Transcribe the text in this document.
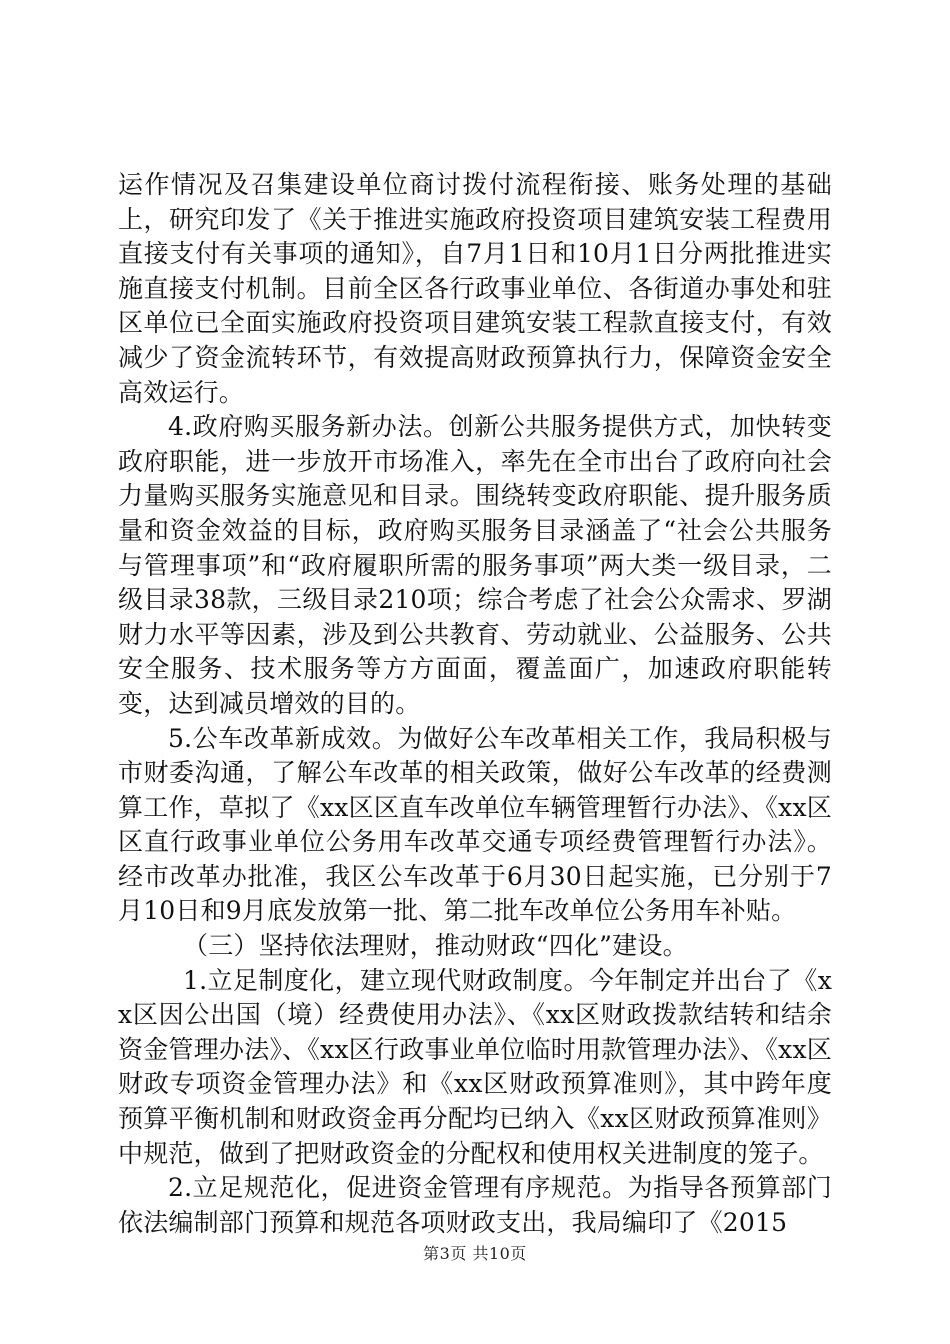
运作情况及召集建设单位商讨拨付流程衔接、账务处理的基础上，研究印发了《关于推进实施政府投资项目建筑安装工程费用直接支付有关事项的通知》，自7月1日和10月1日分两批推进实施直接支付机制。目前全区各行政事业单位、各街道办事处和驻区单位已全面实施政府投资项目建筑安装工程款直接支付，有效减少了资金流转环节，有效提高财政预算执行力，保障资金安全高效运行。

4.政府购买服务新办法。创新公共服务提供方式，加快转变政府职能，进一步放开市场准入，率先在全市出台了政府向社会力量购买服务实施意见和目录。围绕转变政府职能、提升服务质量和资金效益的目标，政府购买服务目录涵盖了“社会公共服务与管理事项”和“政府履职所需的服务事项”两大类一级目录，二级目录38款，三级目录210项；综合考虑了社会公众需求、罗湖财力水平等因素，涉及到公共教育、劳动就业、公益服务、公共安全服务、技术服务等方方面面，覆盖面广，加速政府职能转变，达到减员增效的目的。

5.公车改革新成效。为做好公车改革相关工作，我局积极与市财委沟通，了解公车改革的相关政策，做好公车改革的经费测算工作，草拟了《xx区区直车改单位车辆管理暂行办法》、《xx区区直行政事业单位公务用车改革交通专项经费管理暂行办法》。经市改革办批准，我区公车改革于6月30日起实施，已分别于7月10日和9月底发放第一批、第二批车改单位公务用车补贴。

（三）坚持依法理财，推动财政“四化”建设。

1.立足制度化，建立现代财政制度。今年制定并出台了《xx区因公出国（境）经费使用办法》、《xx区财政拨款结转和结余资金管理办法》、《xx区行政事业单位临时用款管理办法》、《xx区财政专项资金管理办法》和《xx区财政预算准则》，其中跨年度预算平衡机制和财政资金再分配均已纳入《xx区财政预算准则》中规范，做到了把财政资金的分配权和使用权关进制度的笼子。

2.立足规范化，促进资金管理有序规范。为指导各预算部门依法编制部门预算和规范各项财政支出，我局编印了《2015

第3页 共10页
